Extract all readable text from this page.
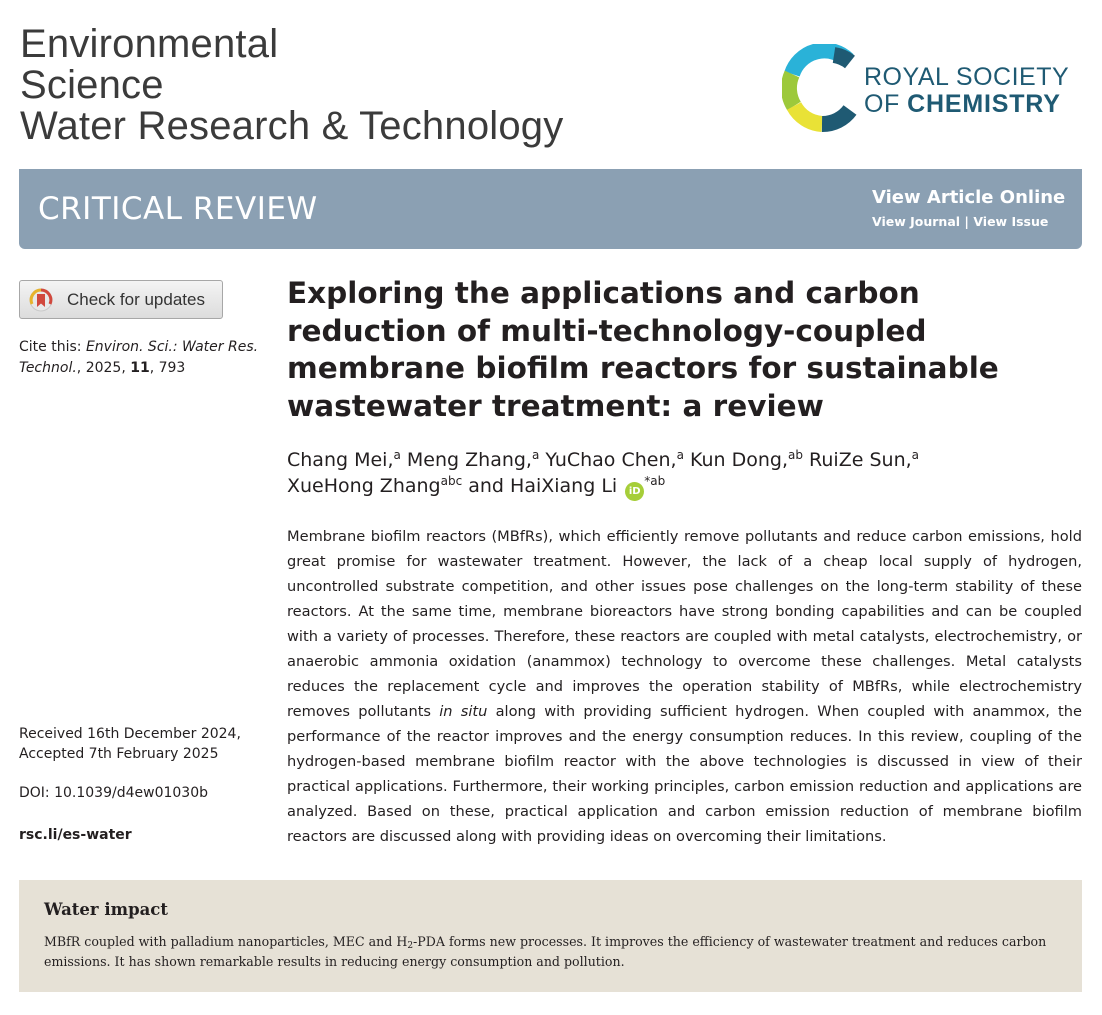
Environmental
Science
Water Research & Technology
ROYAL SOCIETY
OF CHEMISTRY
CRITICAL REVIEW	View Article Online
View Journal | View Issue
Check for updates
Cite this: Environ. Sci.: Water Res. Technol., 2025, 11, 793
Received 16th December 2024,
Accepted 7th February 2025
DOI: 10.1039/d4ew01030b
rsc.li/es-water
Exploring the applications and carbon reduction of multi-technology-coupled membrane biofilm reactors for sustainable wastewater treatment: a review
Chang Mei,$^a$ Meng Zhang,$^a$ YuChao Chen,$^a$ Kun Dong,$^{ab}$ RuiZe Sun,$^a$
XueHong Zhang$^{abc}$ and HaiXiang Li $iD^{*ab}$

Membrane biofilm reactors (MBfRs), which efficiently remove pollutants and reduce carbon emissions, hold great promise for wastewater treatment. However, the lack of a cheap local supply of hydrogen, uncontrolled substrate competition, and other issues pose challenges on the long-term stability of these reactors. At the same time, membrane bioreactors have strong bonding capabilities and can be coupled with a variety of processes. Therefore, these reactors are coupled with metal catalysts, electrochemistry, or anaerobic ammonia oxidation (anammox) technology to overcome these challenges. Metal catalysts reduces the replacement cycle and improves the operation stability of MBfRs, while electrochemistry removes pollutants in situ along with providing sufficient hydrogen. When coupled with anammox, the performance of the reactor improves and the energy consumption reduces. In this review, coupling of the hydrogen-based membrane biofilm reactor with the above technologies is discussed in view of their practical applications. Furthermore, their working principles, carbon emission reduction and applications are analyzed. Based on these, practical application and carbon emission reduction of membrane biofilm reactors are discussed along with providing ideas on overcoming their limitations.

Water impact
MBfR coupled with palladium nanoparticles, MEC and $H_2$-PDA forms new processes. It improves the efficiency of wastewater treatment and reduces carbon emissions. It has shown remarkable results in reducing energy consumption and pollution.
